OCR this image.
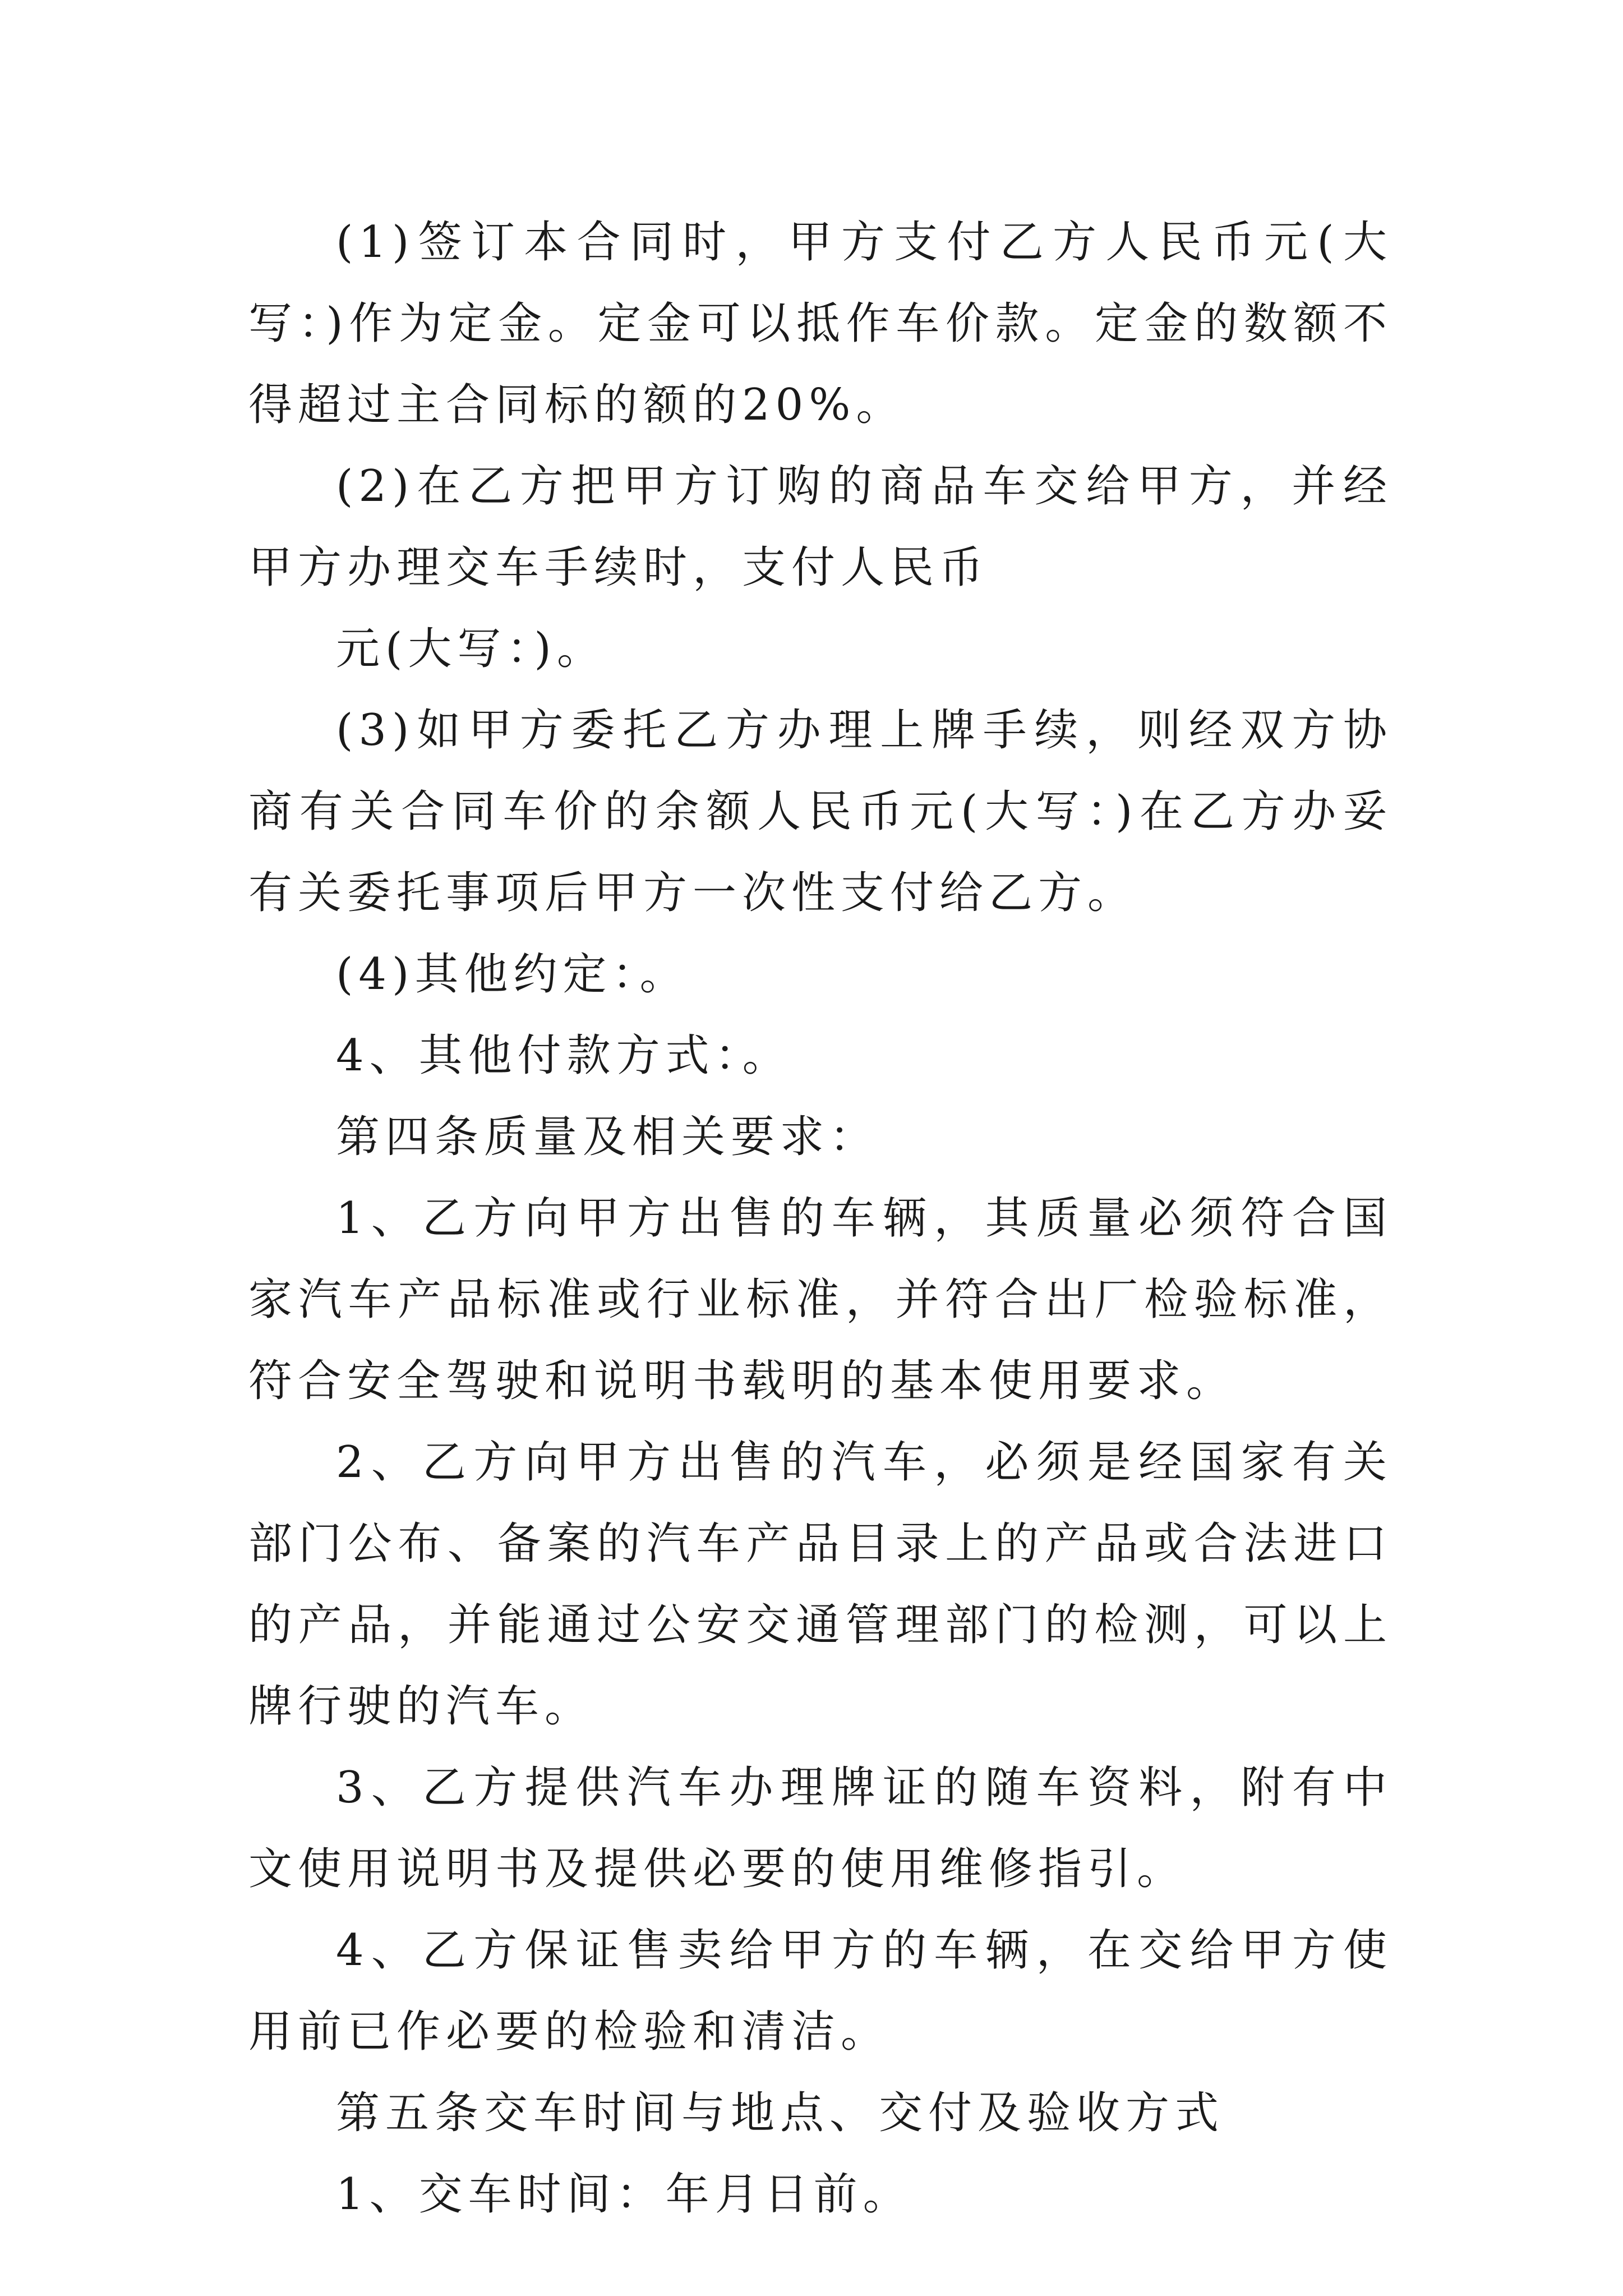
(1)签订本合同时，甲方支付乙方人民币元(大写：)作为定金。定金可以抵作车价款。定金的数额不得超过主合同标的额的20%。

(2)在乙方把甲方订购的商品车交给甲方，并经甲方办理交车手续时，支付人民币

元(大写：)。

(3)如甲方委托乙方办理上牌手续，则经双方协商有关合同车价的余额人民币元(大写：)在乙方办妥有关委托事项后甲方一次性支付给乙方。

(4)其他约定：。

4、其他付款方式：。

第四条质量及相关要求：

1、乙方向甲方出售的车辆，其质量必须符合国家汽车产品标准或行业标准，并符合出厂检验标准，符合安全驾驶和说明书载明的基本使用要求。

2、乙方向甲方出售的汽车，必须是经国家有关部门公布、备案的汽车产品目录上的产品或合法进口的产品，并能通过公安交通管理部门的检测，可以上牌行驶的汽车。

3、乙方提供汽车办理牌证的随车资料，附有中文使用说明书及提供必要的使用维修指引。

4、乙方保证售卖给甲方的车辆，在交给甲方使用前已作必要的检验和清洁。

第五条交车时间与地点、交付及验收方式

1、交车时间：年月日前。
